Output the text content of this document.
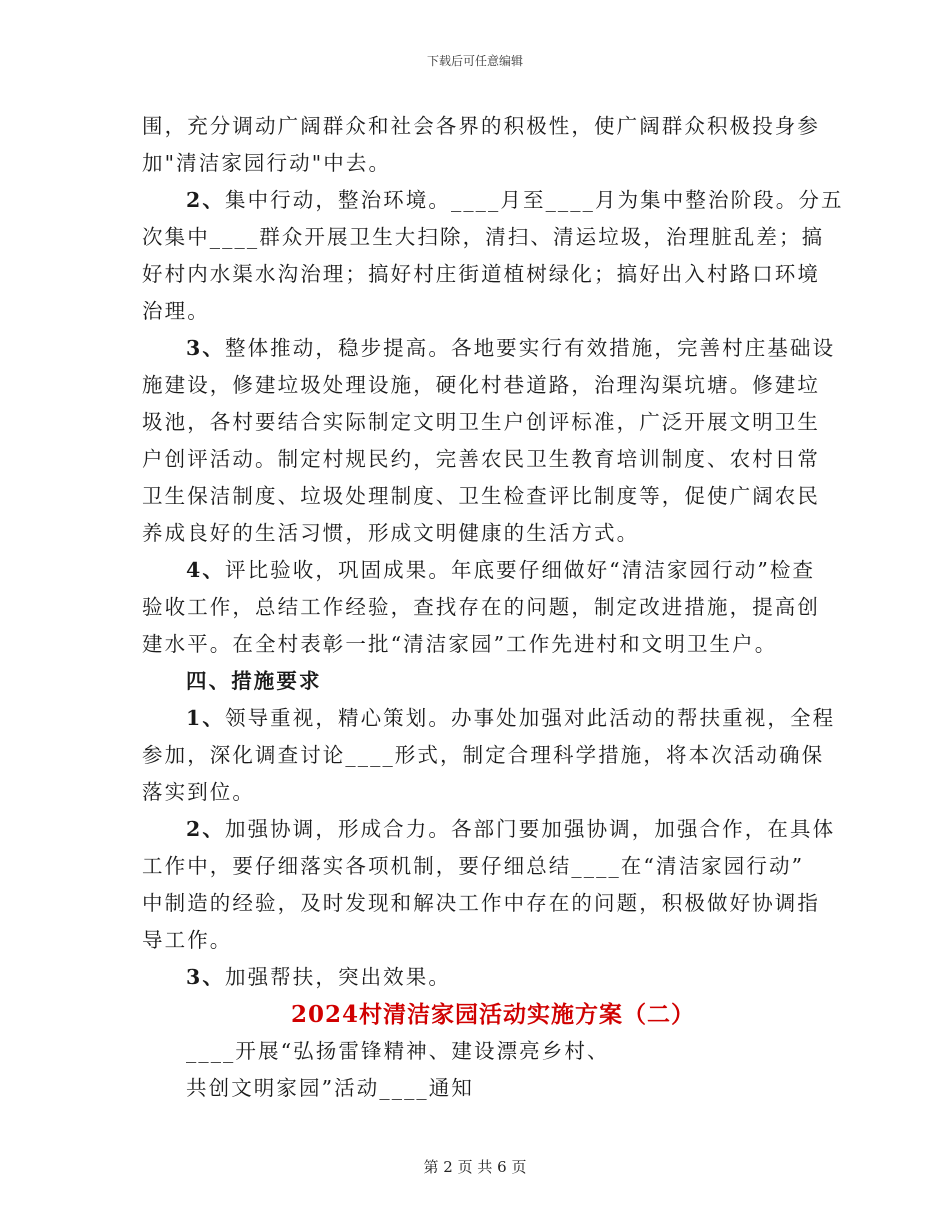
下载后可任意编辑
围，充分调动广阔群众和社会各界的积极性，使广阔群众积极投身参
加"清洁家园行动"中去。
2、集中行动，整治环境。____月至____月为集中整治阶段。分五
次集中____群众开展卫生大扫除，清扫、清运垃圾，治理脏乱差；搞
好村内水渠水沟治理；搞好村庄街道植树绿化；搞好出入村路口环境
治理。
3、整体推动，稳步提高。各地要实行有效措施，完善村庄基础设
施建设，修建垃圾处理设施，硬化村巷道路，治理沟渠坑塘。修建垃
圾池，各村要结合实际制定文明卫生户创评标准，广泛开展文明卫生
户创评活动。制定村规民约，完善农民卫生教育培训制度、农村日常
卫生保洁制度、垃圾处理制度、卫生检查评比制度等，促使广阔农民
养成良好的生活习惯，形成文明健康的生活方式。
4、评比验收，巩固成果。年底要仔细做好“清洁家园行动”检查
验收工作，总结工作经验，查找存在的问题，制定改进措施，提高创
建水平。在全村表彰一批“清洁家园”工作先进村和文明卫生户。
四、措施要求
1、领导重视，精心策划。办事处加强对此活动的帮扶重视，全程
参加，深化调查讨论____形式，制定合理科学措施，将本次活动确保
落实到位。
2、加强协调，形成合力。各部门要加强协调，加强合作，在具体
工作中，要仔细落实各项机制，要仔细总结____在“清洁家园行动”
中制造的经验，及时发现和解决工作中存在的问题，积极做好协调指
导工作。
3、加强帮扶，突出效果。
2024村清洁家园活动实施方案（二）
____开展“弘扬雷锋精神、建设漂亮乡村、
共创文明家园”活动____通知
第 2 页 共 6 页
